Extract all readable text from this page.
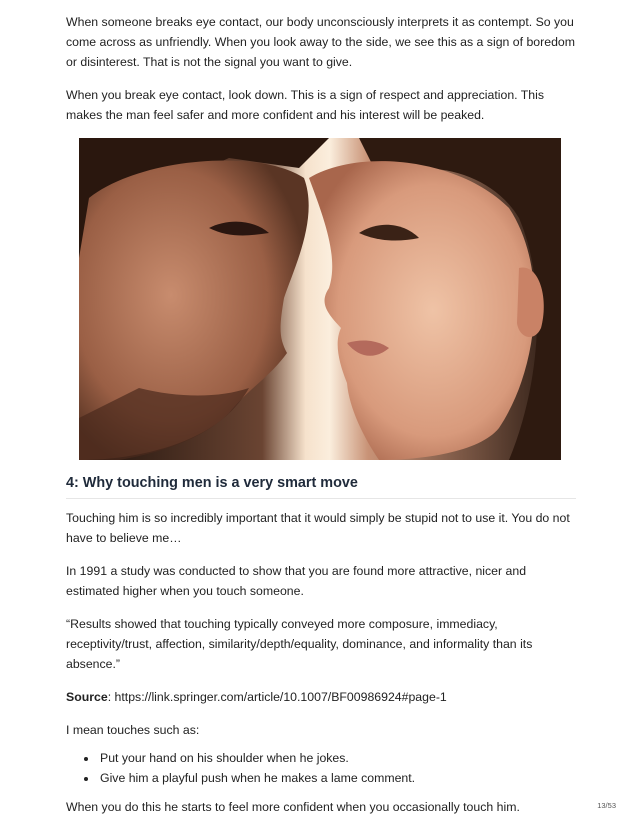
When someone breaks eye contact, our body unconsciously interprets it as contempt. So you come across as unfriendly. When you look away to the side, we see this as a sign of boredom or disinterest. That is not the signal you want to give.

When you break eye contact, look down. This is a sign of respect and appreciation. This makes the man feel safer and more confident and his interest will be peaked.

4: Why touching men is a very smart move

Touching him is so incredibly important that it would simply be stupid not to use it. You do not have to believe me…

In 1991 a study was conducted to show that you are found more attractive, nicer and estimated higher when you touch someone.

“Results showed that touching typically conveyed more composure, immediacy, receptivity/trust, affection, similarity/depth/equality, dominance, and informality than its absence.”

Source: https://link.springer.com/article/10.1007/BF00986924#page-1

I mean touches such as:

• Put your hand on his shoulder when he jokes.
• Give him a playful push when he makes a lame comment.

When you do this he starts to feel more confident when you occasionally touch him.	13/53
